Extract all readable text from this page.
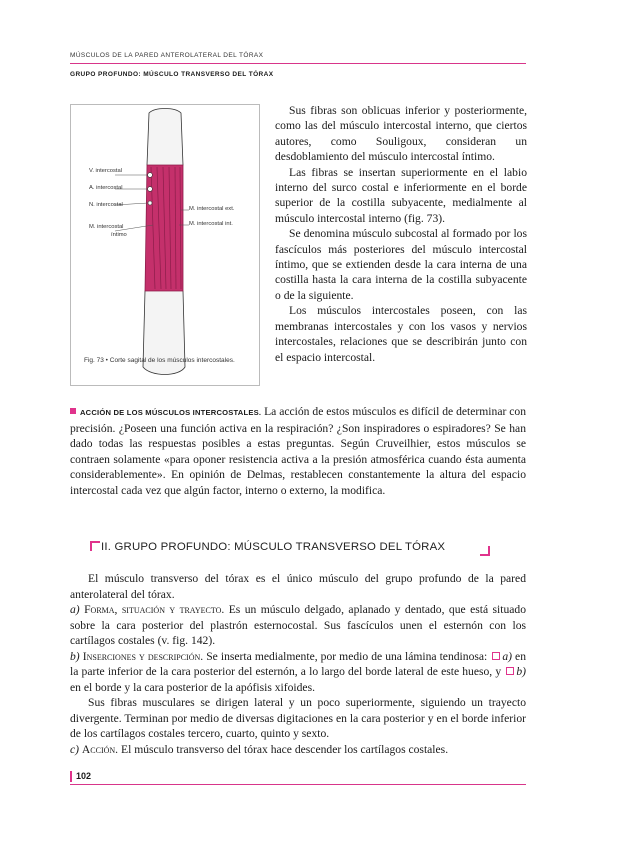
MÚSCULOS DE LA PARED ANTEROLATERAL DEL TÓRAX
GRUPO PROFUNDO: MÚSCULO TRANSVERSO DEL TÓRAX
V. intercostal
A. intercostal
N. intercostal
M. intercostal
íntimo
M. intercostal ext.
M. intercostal int.
Fig. 73 • Corte sagital de los músculos intercostales.

Sus fibras son oblicuas inferior y posteriormente, como las del músculo intercostal interno, que ciertos autores, como Souligoux, consideran un desdoblamiento del músculo intercostal íntimo.

Las fibras se insertan superiormente en el labio interno del surco costal e inferiormente en el borde superior de la costilla subyacente, medialmente al músculo intercostal interno (fig. 73).

Se denomina músculo subcostal al formado por los fascículos más posteriores del músculo intercostal íntimo, que se extienden desde la cara interna de una costilla hasta la cara interna de la costilla subyacente o de la siguiente.

Los músculos intercostales poseen, con las membranas intercostales y con los vasos y nervios intercostales, relaciones que se describirán junto con el espacio intercostal.

ACCIÓN DE LOS MÚSCULOS INTERCOSTALES. La acción de estos músculos es difícil de determinar con precisión. ¿Poseen una función activa en la respiración? ¿Son inspiradores o espiradores? Se han dado todas las respuestas posibles a estas preguntas. Según Cruveilhier, estos músculos se contraen solamente «para oponer resistencia activa a la presión atmosférica cuando ésta aumenta considerablemente». En opinión de Delmas, restablecen constantemente la altura del espacio intercostal cada vez que algún factor, interno o externo, la modifica.

II. GRUPO PROFUNDO: MÚSCULO TRANSVERSO DEL TÓRAX

El músculo transverso del tórax es el único músculo del grupo profundo de la pared anterolateral del tórax.

a) Forma, situación y trayecto. Es un músculo delgado, aplanado y dentado, que está situado sobre la cara posterior del plastrón esternocostal. Sus fascículos unen el esternón con los cartílagos costales (v. fig. 142).

b) Inserciones y descripción. Se inserta medialmente, por medio de una lámina tendinosa: a) en la parte inferior de la cara posterior del esternón, a lo largo del borde lateral de este hueso, y b) en el borde y la cara posterior de la apófisis xifoides.

Sus fibras musculares se dirigen lateral y un poco superiormente, siguiendo un trayecto divergente. Terminan por medio de diversas digitaciones en la cara posterior y en el borde inferior de los cartílagos costales tercero, cuarto, quinto y sexto.

c) Acción. El músculo transverso del tórax hace descender los cartílagos costales.

102
